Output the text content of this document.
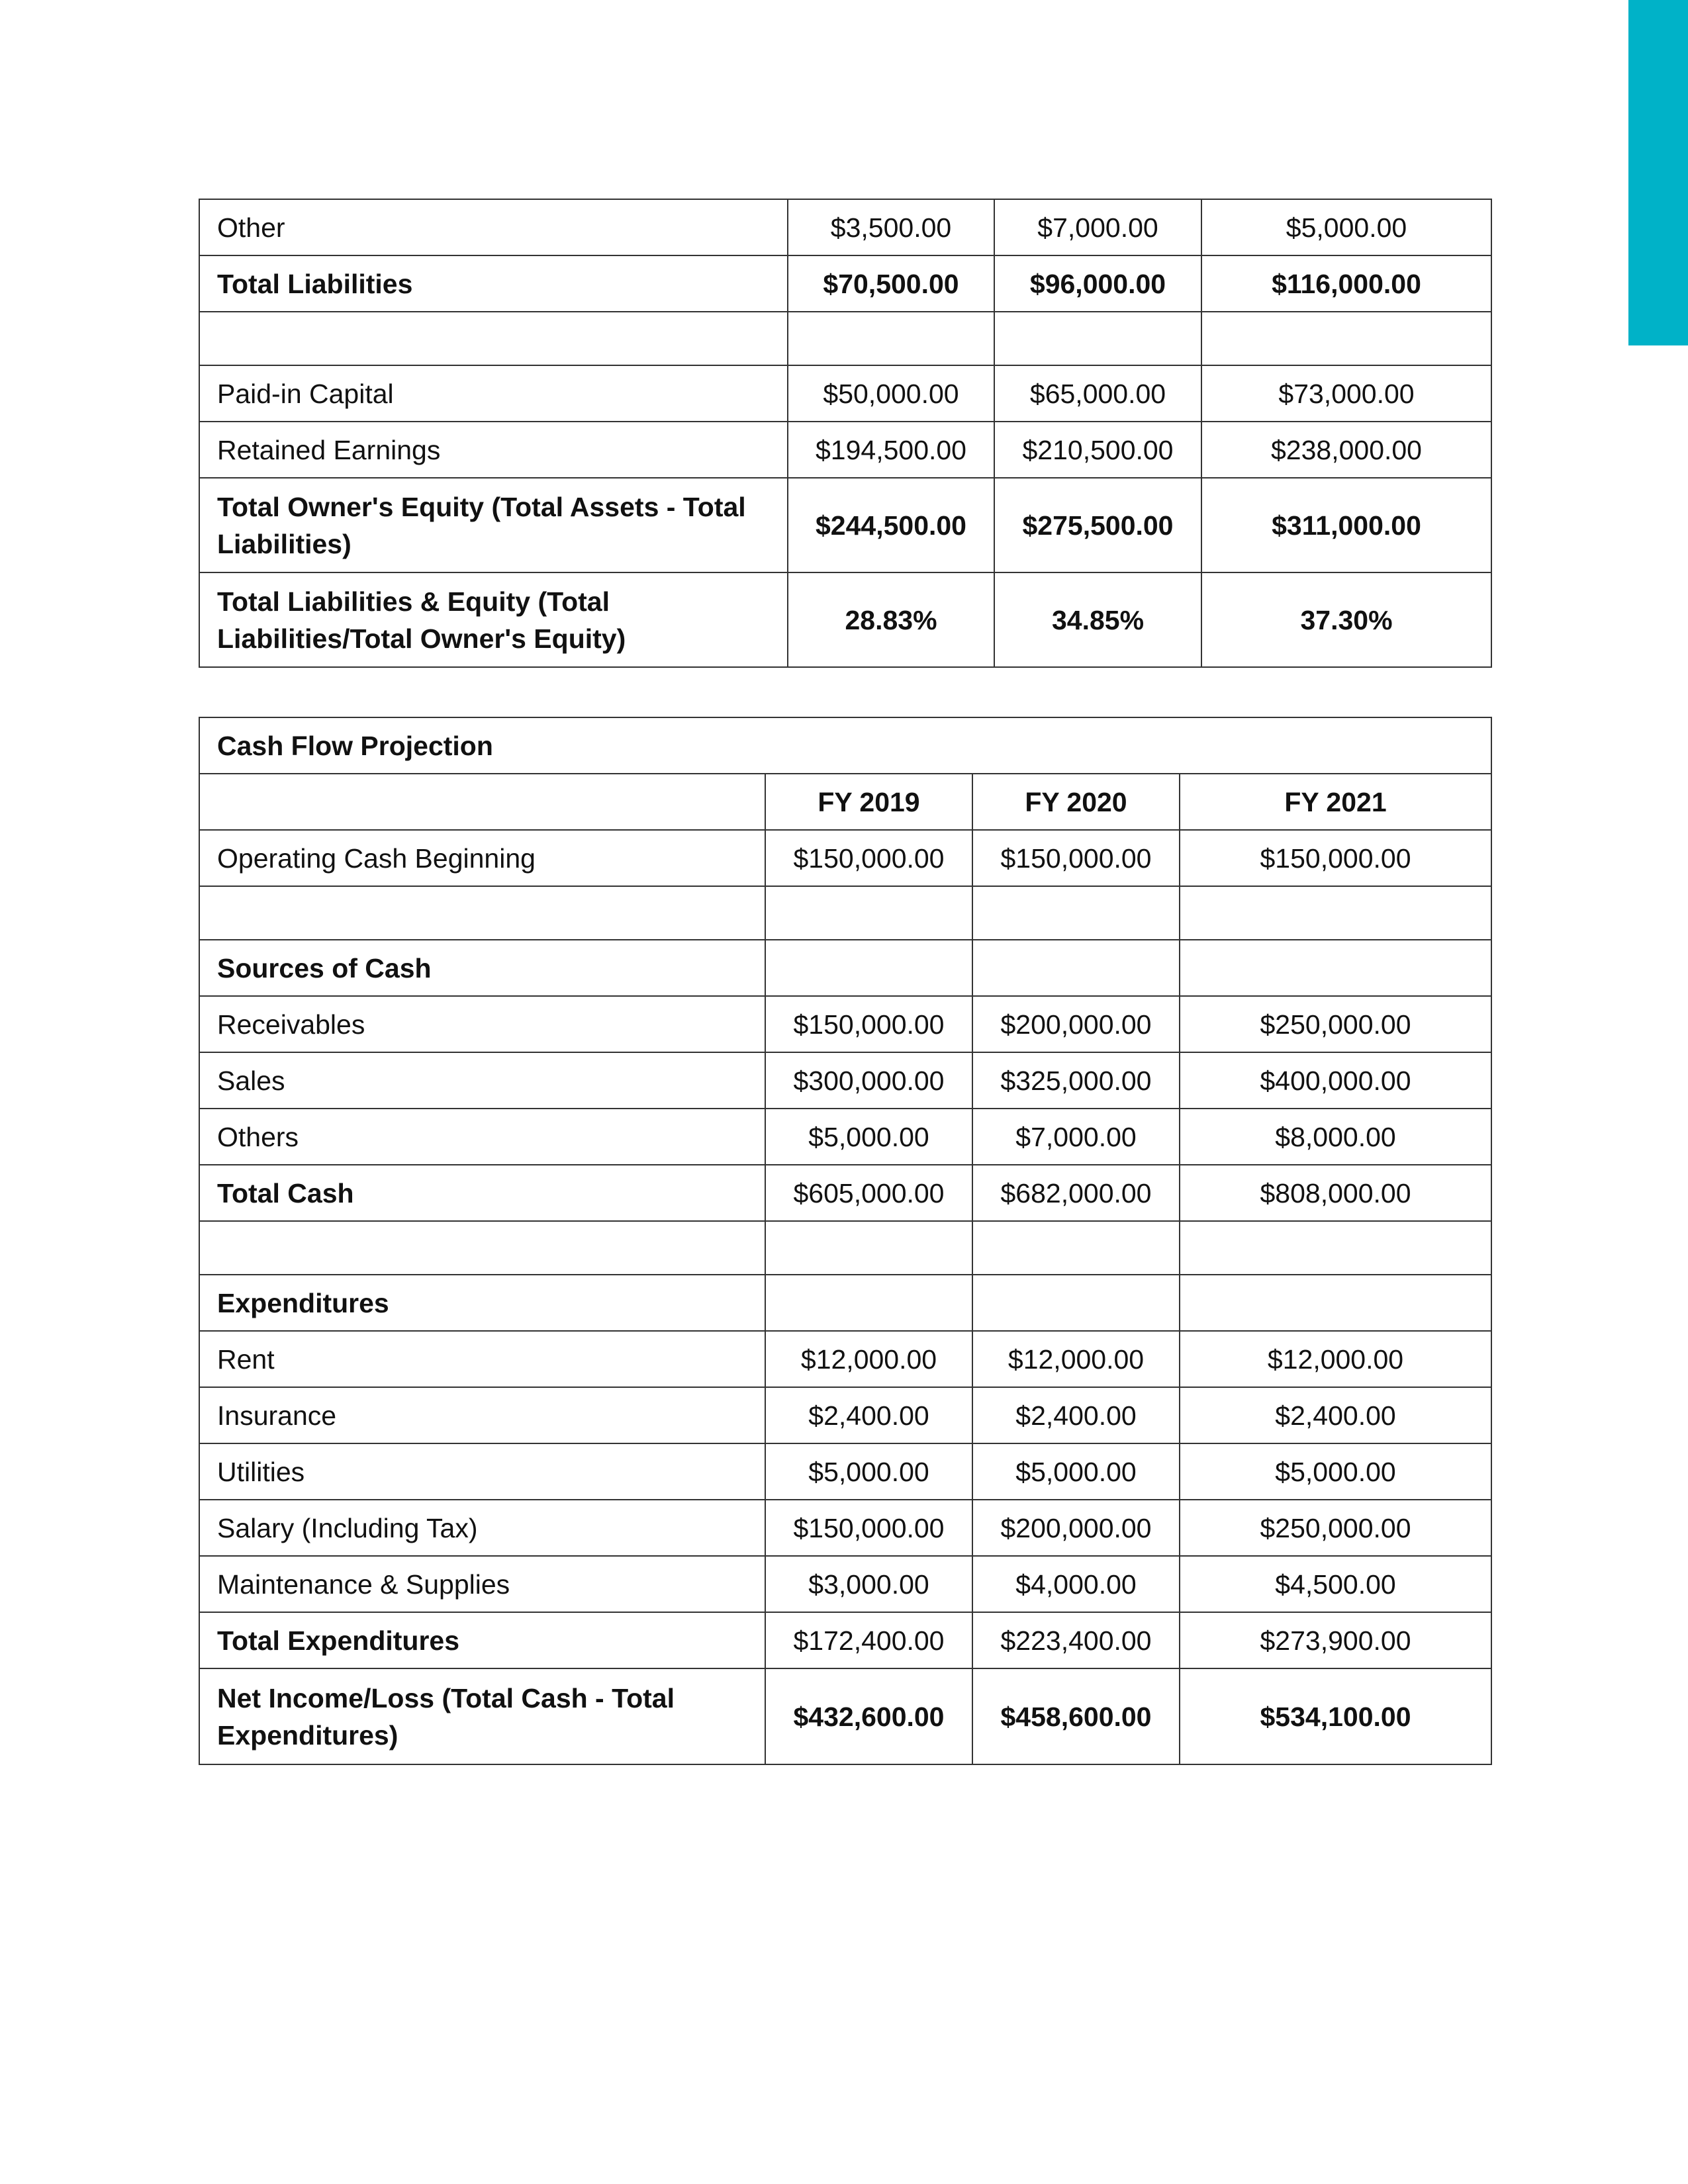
Other	$3,500.00	$7,000.00	$5,000.00
Total Liabilities	$70,500.00	$96,000.00	$116,000.00

Paid-in Capital	$50,000.00	$65,000.00	$73,000.00
Retained Earnings	$194,500.00	$210,500.00	$238,000.00
Total Owner's Equity (Total Assets - Total Liabilities)	$244,500.00	$275,500.00	$311,000.00
Total Liabilities & Equity (Total Liabilities/Total Owner's Equity)	28.83%	34.85%	37.30%
Cash Flow Projection			
	FY 2019	FY 2020	FY 2021
Operating Cash Beginning	$150,000.00	$150,000.00	$150,000.00

Sources of Cash			
Receivables	$150,000.00	$200,000.00	$250,000.00
Sales	$300,000.00	$325,000.00	$400,000.00
Others	$5,000.00	$7,000.00	$8,000.00
Total Cash	$605,000.00	$682,000.00	$808,000.00

Expenditures			
Rent	$12,000.00	$12,000.00	$12,000.00
Insurance	$2,400.00	$2,400.00	$2,400.00
Utilities	$5,000.00	$5,000.00	$5,000.00
Salary (Including Tax)	$150,000.00	$200,000.00	$250,000.00
Maintenance & Supplies	$3,000.00	$4,000.00	$4,500.00
Total Expenditures	$172,400.00	$223,400.00	$273,900.00
Net Income/Loss (Total Cash - Total Expenditures)	$432,600.00	$458,600.00	$534,100.00
